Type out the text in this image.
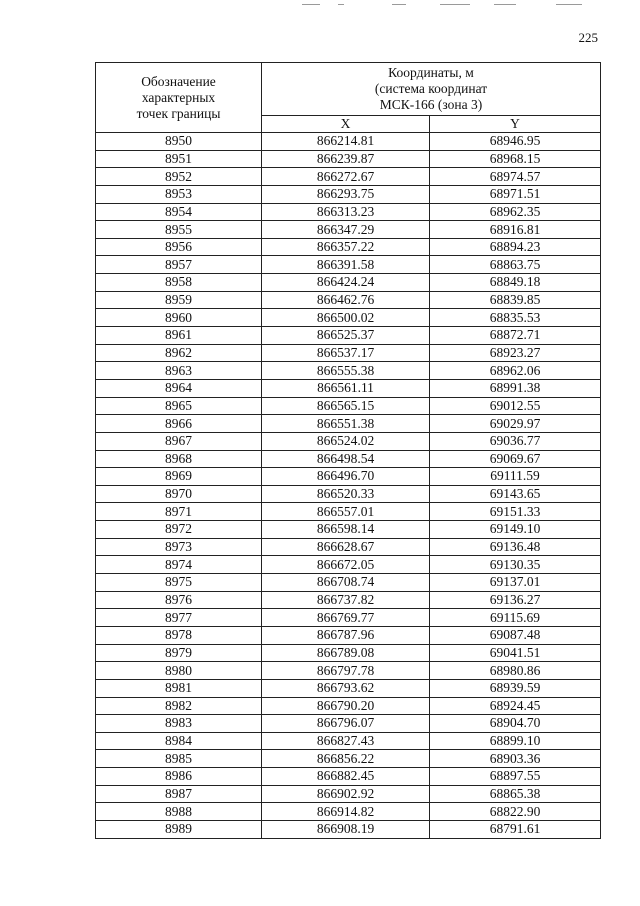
225
Обозначение
характерных
точек границы	Координаты, м
(система координат
МСК-166 (зона 3)	

	X	Y
8950	866214.81	68946.95
8951	866239.87	68968.15
8952	866272.67	68974.57
8953	866293.75	68971.51
8954	866313.23	68962.35
8955	866347.29	68916.81
8956	866357.22	68894.23
8957	866391.58	68863.75
8958	866424.24	68849.18
8959	866462.76	68839.85
8960	866500.02	68835.53
8961	866525.37	68872.71
8962	866537.17	68923.27
8963	866555.38	68962.06
8964	866561.11	68991.38
8965	866565.15	69012.55
8966	866551.38	69029.97
8967	866524.02	69036.77
8968	866498.54	69069.67
8969	866496.70	69111.59
8970	866520.33	69143.65
8971	866557.01	69151.33
8972	866598.14	69149.10
8973	866628.67	69136.48
8974	866672.05	69130.35
8975	866708.74	69137.01
8976	866737.82	69136.27
8977	866769.77	69115.69
8978	866787.96	69087.48
8979	866789.08	69041.51
8980	866797.78	68980.86
8981	866793.62	68939.59
8982	866790.20	68924.45
8983	866796.07	68904.70
8984	866827.43	68899.10
8985	866856.22	68903.36
8986	866882.45	68897.55
8987	866902.92	68865.38
8988	866914.82	68822.90
8989	866908.19	68791.61
